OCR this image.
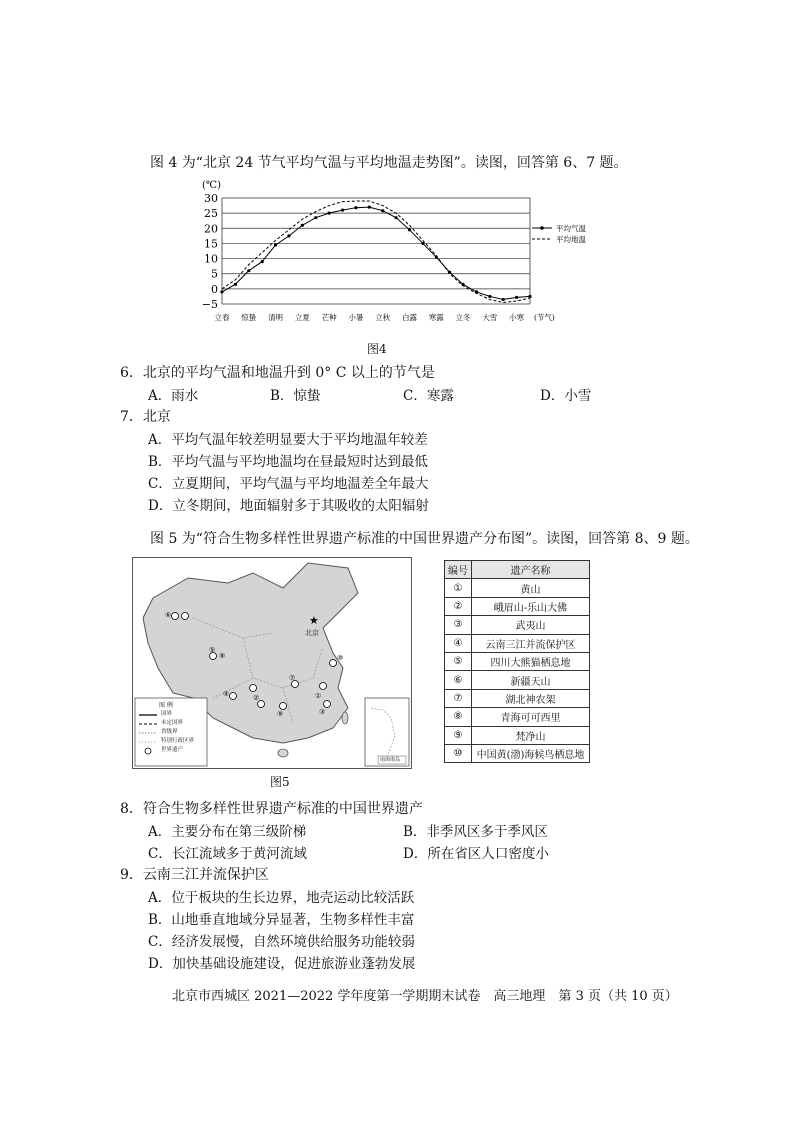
图 4 为“北京 24 节气平均气温与平均地温走势图”。读图，回答第 6、7 题。
30
25
20
15
10
5
0
−5
(℃)
立春 惊蛰 清明 立夏 芒种 小暑 立秋 白露 寒露 立冬 大雪 小寒 (节气)
平均气温
平均地温
图4
6．北京的平均气温和地温升到 0° C 以上的节气是
A．雨水	B．惊蛰	C．寒露	D．小雪
7．北京
A．平均气温年较差明显要大于平均地温年较差
B．平均气温与平均地温均在昼最短时达到最低
C．立夏期间，平均气温与平均地温差全年最大
D．立冬期间，地面辐射多于其吸收的太阳辐射
图 5 为“符合生物多样性世界遗产标准的中国世界遗产分布图”。读图，回答第 8、9 题。
★
北京
图 例
国界
未定国界
省级界
特别行政区界
世界遗产
南海诸岛
⑥
⑤
④	①
②
③
⑦
⑧
⑨
⑩
图5
编号	遗产名称
①	黄山
②	峨眉山-乐山大佛
③	武夷山
④	云南三江并流保护区
⑤	四川大熊猫栖息地
⑥	新疆天山
⑦	湖北神农架
⑧	青海可可西里
⑨	梵净山
⑩	中国黄(渤)海候鸟栖息地
8．符合生物多样性世界遗产标准的中国世界遗产
A．主要分布在第三级阶梯	B．非季风区多于季风区
C．长江流域多于黄河流域	D．所在省区人口密度小
9．云南三江并流保护区
A．位于板块的生长边界，地壳运动比较活跃
B．山地垂直地域分异显著，生物多样性丰富
C．经济发展慢，自然环境供给服务功能较弱
D．加快基础设施建设，促进旅游业蓬勃发展
北京市西城区 2021—2022 学年度第一学期期末试卷　高三地理　第 3 页（共 10 页）
